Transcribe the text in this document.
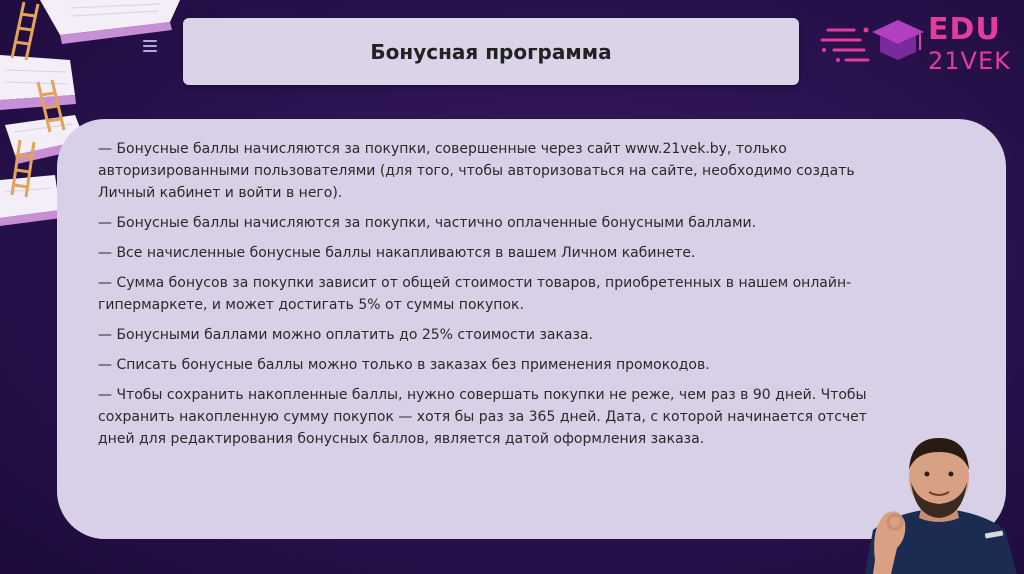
Бонусная программа
EDU
21VEK

— Бонусные баллы начисляются за покупки, совершенные через сайт www.21vek.by, только авторизированными пользователями (для того, чтобы авторизоваться на сайте, необходимо создать Личный кабинет и войти в него).

— Бонусные баллы начисляются за покупки, частично оплаченные бонусными баллами.

— Все начисленные бонусные баллы накапливаются в вашем Личном кабинете.

— Сумма бонусов за покупки зависит от общей стоимости товаров, приобретенных в нашем онлайн-гипермаркете, и может достигать 5% от суммы покупок.

— Бонусными баллами можно оплатить до 25% стоимости заказа.

— Списать бонусные баллы можно только в заказах без применения промокодов.

— Чтобы сохранить накопленные баллы, нужно совершать покупки не реже, чем раз в 90 дней. Чтобы сохранить накопленную сумму покупок — хотя бы раз за 365 дней. Дата, с которой начинается отсчет дней для редактирования бонусных баллов, является датой оформления заказа.
